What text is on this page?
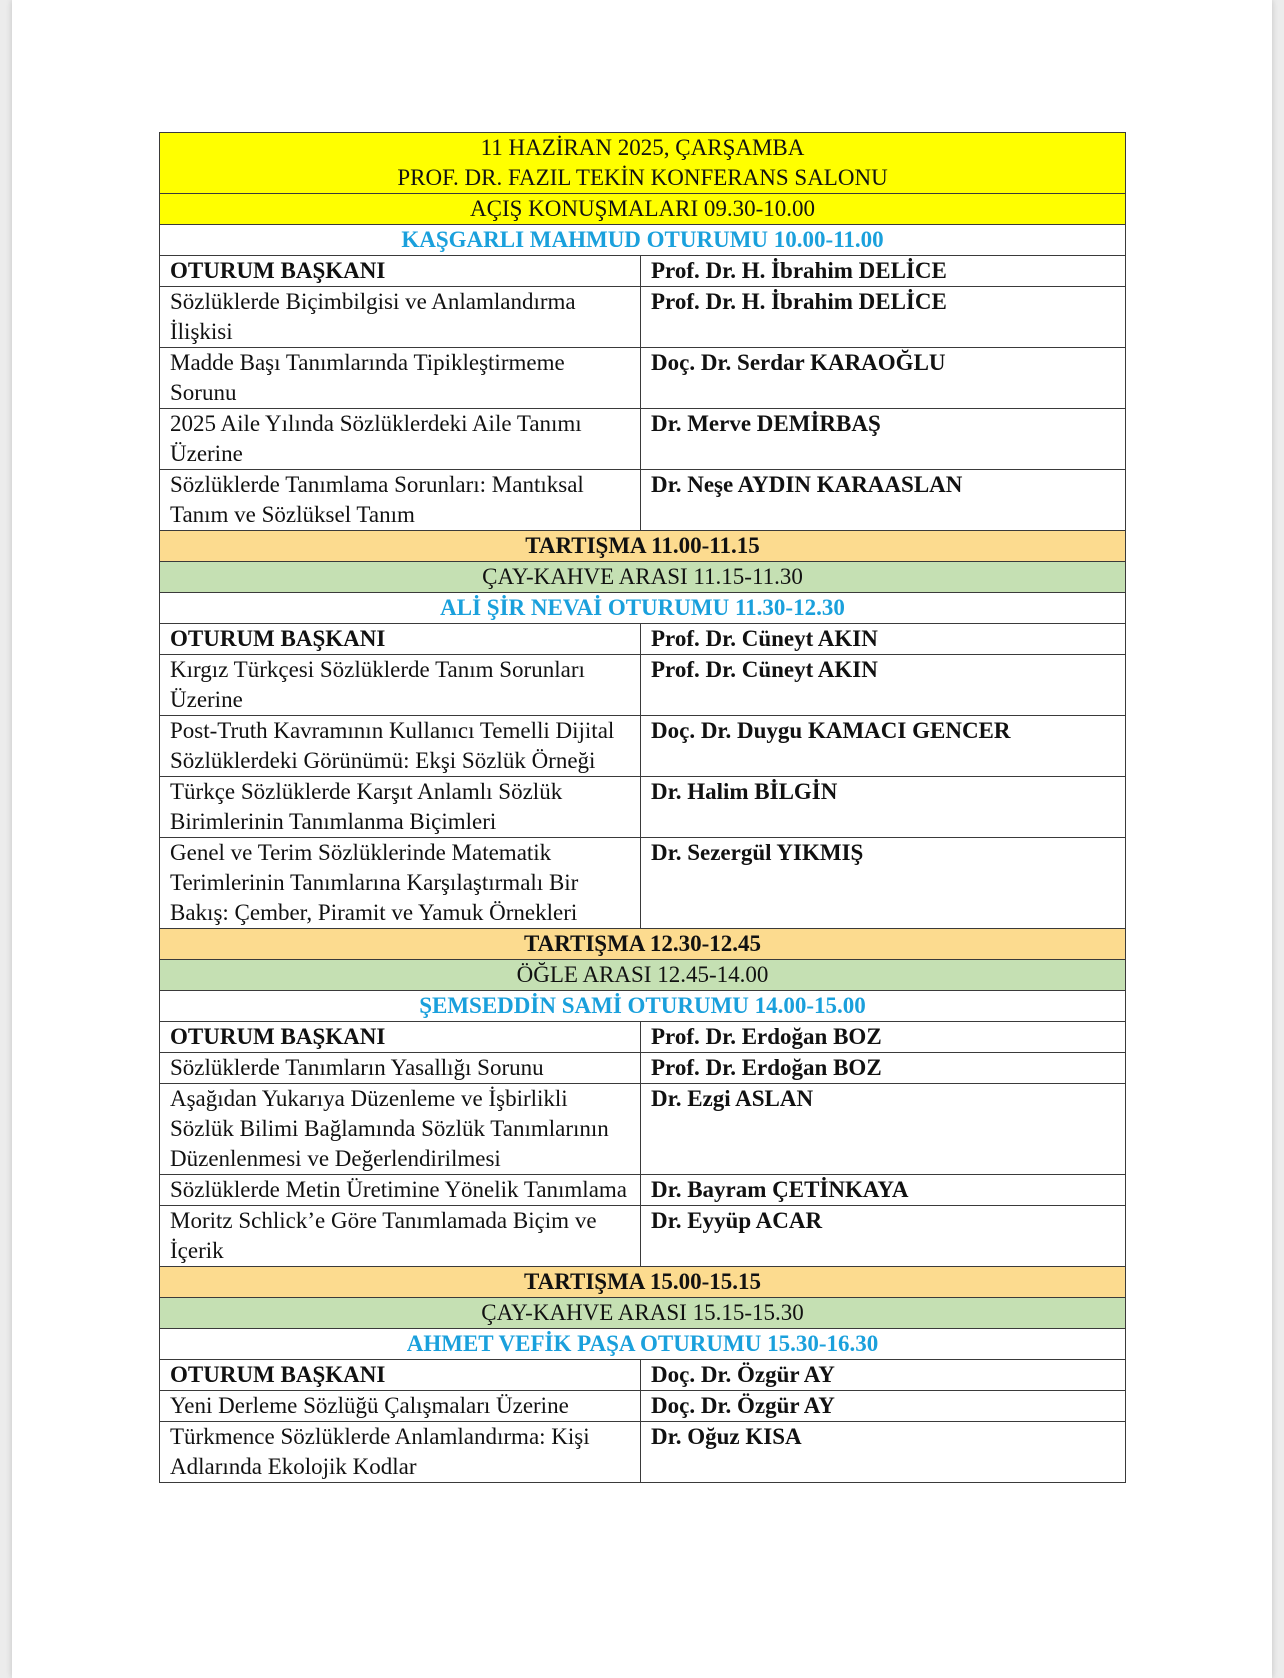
11 HAZİRAN 2025, ÇARŞAMBA
PROF. DR. FAZIL TEKİN KONFERANS SALONU	

AÇIŞ KONUŞMALARI 09.30-10.00	
KAŞGARLI MAHMUD OTURUMU 10.00-11.00	
OTURUM BAŞKANI	Prof. Dr. H. İbrahim DELİCE
Sözlüklerde Biçimbilgisi ve Anlamlandırma İlişkisi	Prof. Dr. H. İbrahim DELİCE
Madde Başı Tanımlarında Tipikleştirmeme Sorunu	Doç. Dr. Serdar KARAOĞLU
2025 Aile Yılında Sözlüklerdeki Aile Tanımı Üzerine	Dr. Merve DEMİRBAŞ
Sözlüklerde Tanımlama Sorunları: Mantıksal Tanım ve Sözlüksel Tanım	Dr. Neşe AYDIN KARAASLAN
TARTIŞMA 11.00-11.15	
ÇAY-KAHVE ARASI 11.15-11.30	
ALİ ŞİR NEVAİ OTURUMU 11.30-12.30	
OTURUM BAŞKANI	Prof. Dr. Cüneyt AKIN
Kırgız Türkçesi Sözlüklerde Tanım Sorunları Üzerine	Prof. Dr. Cüneyt AKIN
Post-Truth Kavramının Kullanıcı Temelli Dijital Sözlüklerdeki Görünümü: Ekşi Sözlük Örneği	Doç. Dr. Duygu KAMACI GENCER
Türkçe Sözlüklerde Karşıt Anlamlı Sözlük Birimlerinin Tanımlanma Biçimleri	Dr. Halim BİLGİN
Genel ve Terim Sözlüklerinde Matematik Terimlerinin Tanımlarına Karşılaştırmalı Bir Bakış: Çember, Piramit ve Yamuk Örnekleri	Dr. Sezergül YIKMIŞ
TARTIŞMA 12.30-12.45	
ÖĞLE ARASI 12.45-14.00	
ŞEMSEDDİN SAMİ OTURUMU 14.00-15.00	
OTURUM BAŞKANI	Prof. Dr. Erdoğan BOZ
Sözlüklerde Tanımların Yasallığı Sorunu	Prof. Dr. Erdoğan BOZ
Aşağıdan Yukarıya Düzenleme ve İşbirlikli Sözlük Bilimi Bağlamında Sözlük Tanımlarının Düzenlenmesi ve Değerlendirilmesi	Dr. Ezgi ASLAN
Sözlüklerde Metin Üretimine Yönelik Tanımlama	Dr. Bayram ÇETİNKAYA
Moritz Schlick’e Göre Tanımlamada Biçim ve İçerik	Dr. Eyyüp ACAR
TARTIŞMA 15.00-15.15	
ÇAY-KAHVE ARASI 15.15-15.30	
AHMET VEFİK PAŞA OTURUMU 15.30-16.30	
OTURUM BAŞKANI	Doç. Dr. Özgür AY
Yeni Derleme Sözlüğü Çalışmaları Üzerine	Doç. Dr. Özgür AY
Türkmence Sözlüklerde Anlamlandırma: Kişi Adlarında Ekolojik Kodlar	Dr. Oğuz KISA
